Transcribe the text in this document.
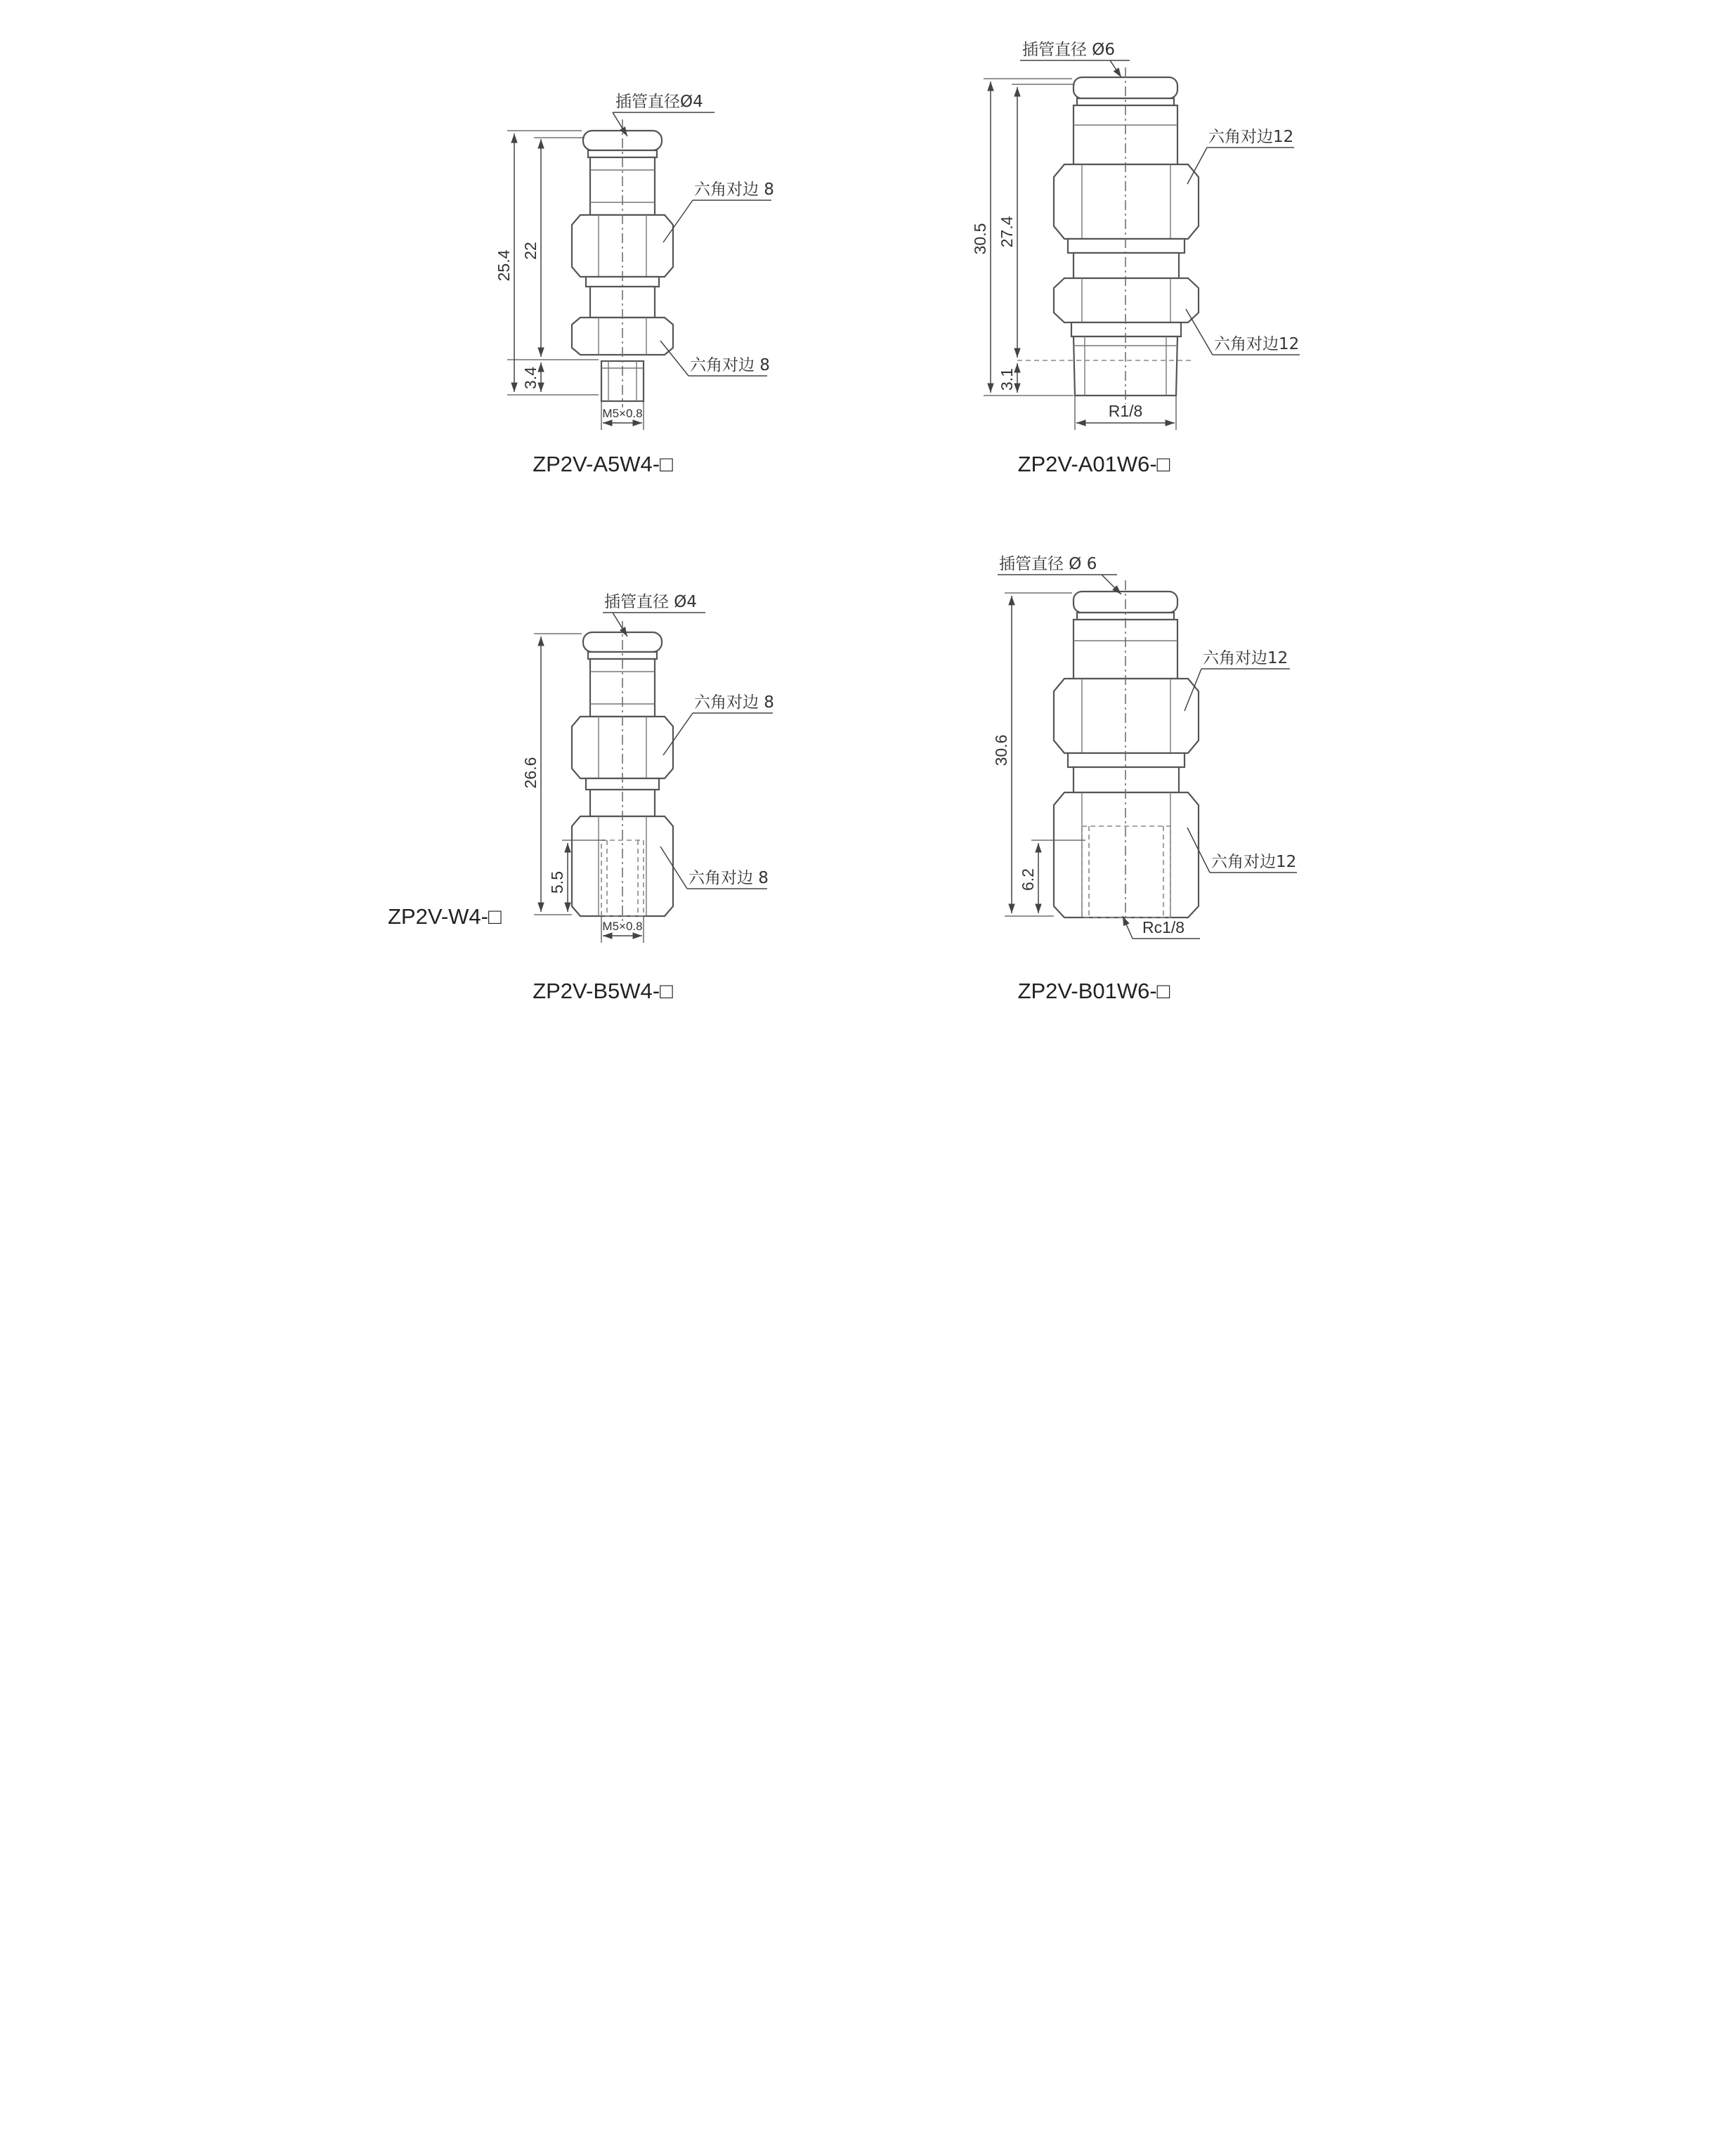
插管直径Ø4
六角对边 8
六角对边 8
25.4 22
3.4
M5×0.8
ZP2V-A5W4-□
插管直径 Ø6
六角对边12
六角对边12
30.5 27.4
3.1
R1/8
ZP2V-A01W6-□
插管直径 Ø4
六角对边 8
六角对边 8
26.6
5.5
M5×0.8
ZP2V-W4-□
ZP2V-B5W4-□
插管直径 Ø 6
六角对边12
六角对边12
30.6
6.2
Rc1/8
ZP2V-B01W6-□
